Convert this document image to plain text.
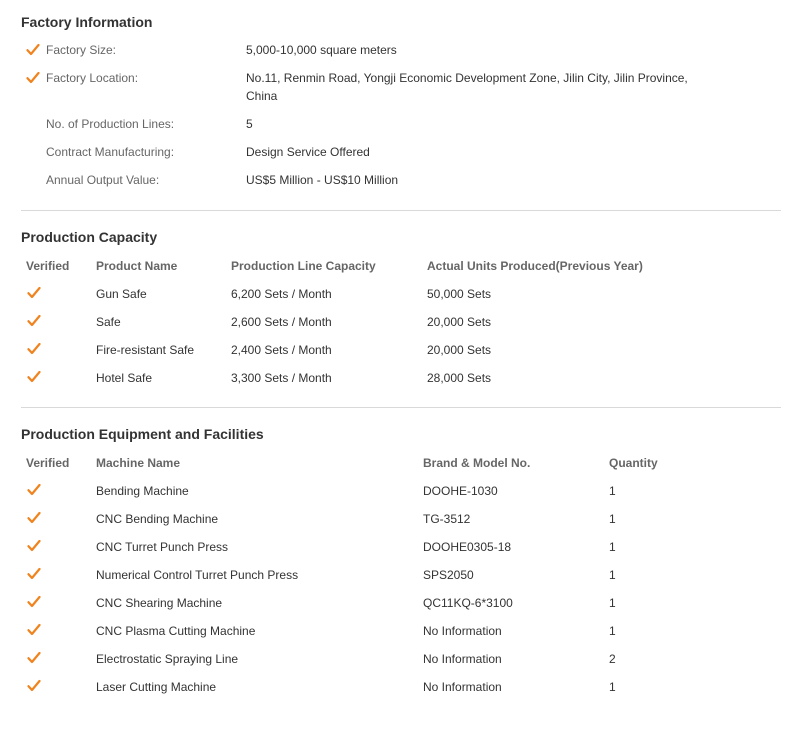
Factory Information
Factory Size:	5,000-10,000 square meters
Factory Location:	No.11, Renmin Road, Yongji Economic Development Zone, Jilin City, Jilin Province, China
No. of Production Lines:	5
Contract Manufacturing:	Design Service Offered
Annual Output Value:	US$5 Million - US$10 Million
Production Capacity
Verified Product Name	Production Line Capacity	Actual Units Produced(Previous Year)
Gun Safe	6,200 Sets / Month	50,000 Sets
Safe	2,600 Sets / Month	20,000 Sets
Fire-resistant Safe	2,400 Sets / Month	20,000 Sets
Hotel Safe	3,300 Sets / Month	28,000 Sets
Production Equipment and Facilities
Verified Machine Name	Brand & Model No.	Quantity
Bending Machine	DOOHE-1030	1
CNC Bending Machine	TG-3512	1
CNC Turret Punch Press	DOOHE0305-18	1
Numerical Control Turret Punch Press	SPS2050	1
CNC Shearing Machine	QC11KQ-6*3100	1
CNC Plasma Cutting Machine	No Information	1
Electrostatic Spraying Line	No Information	2
Laser Cutting Machine	No Information	1
